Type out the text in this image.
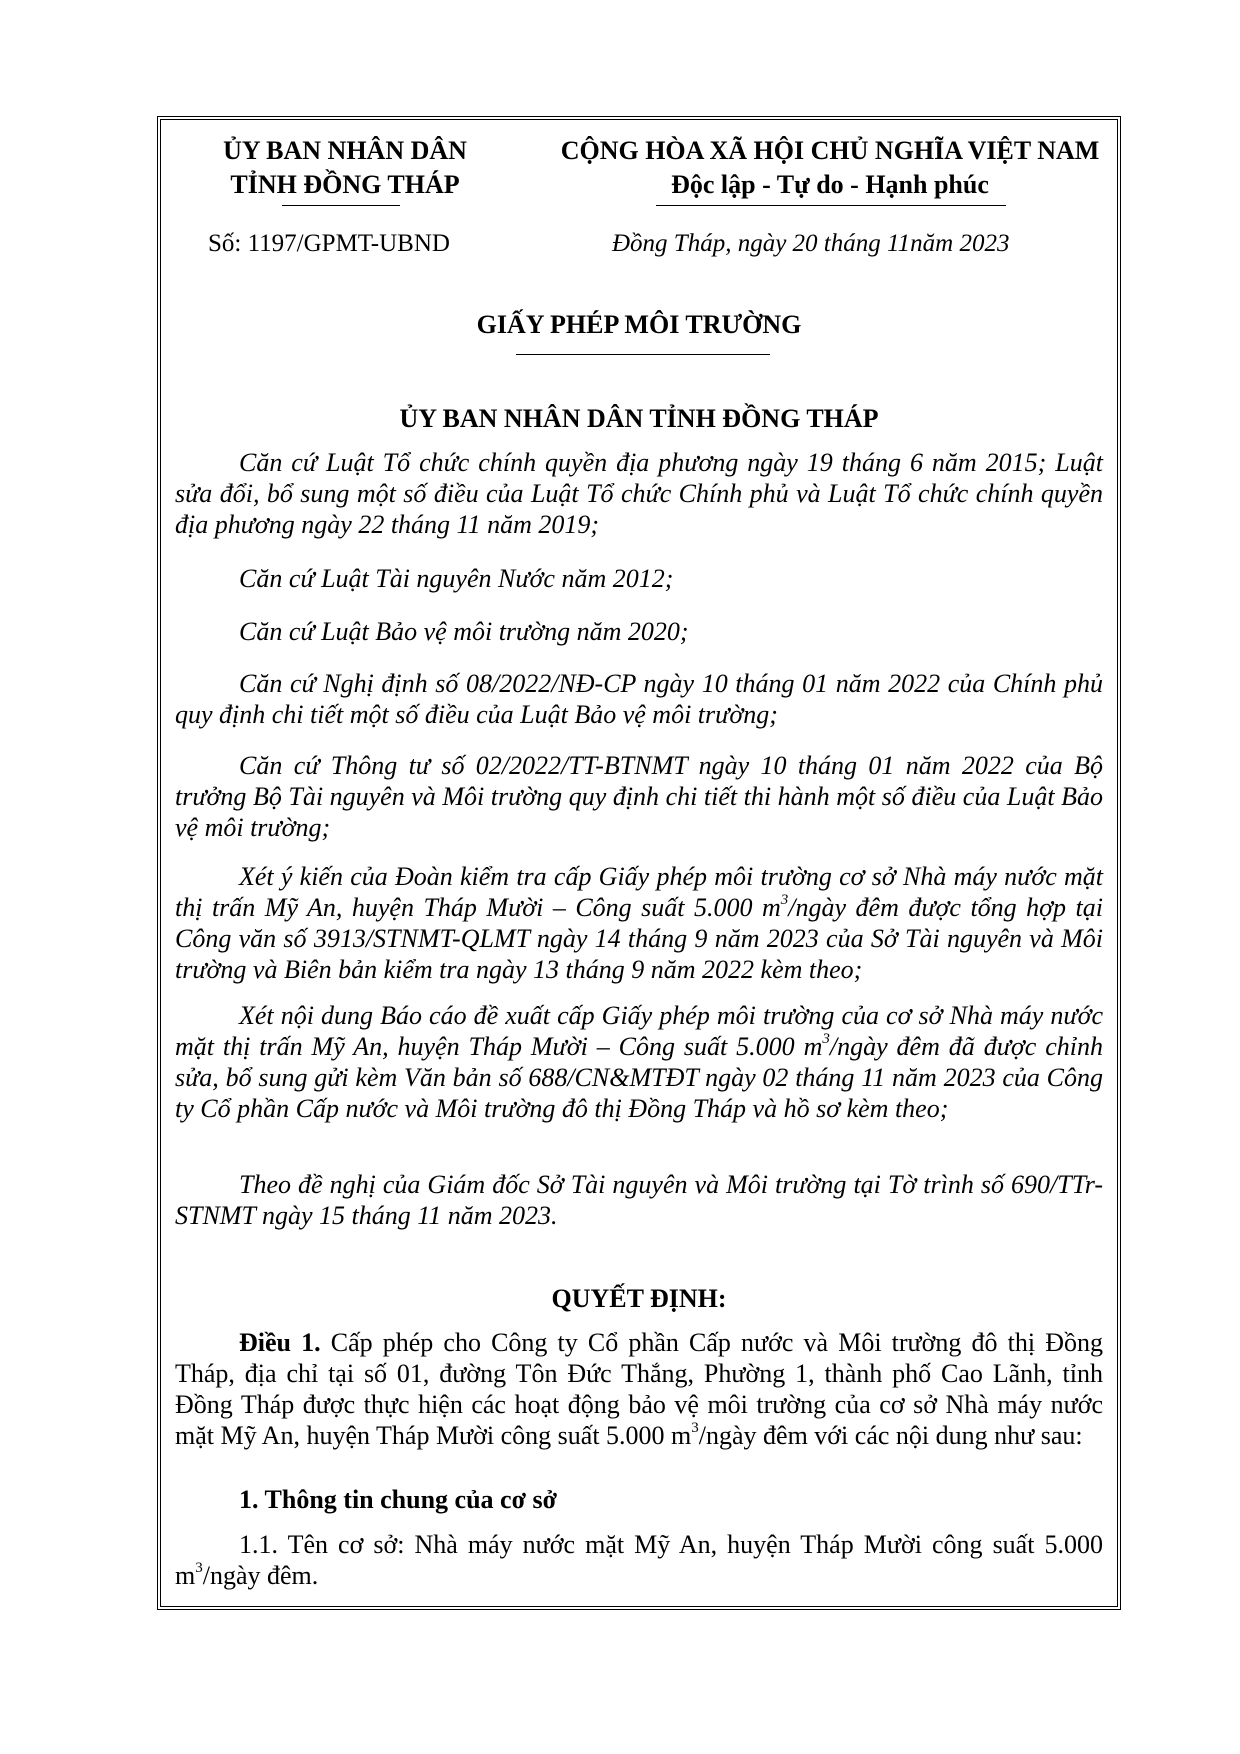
ỦY BAN NHÂN DÂN
TỈNH ĐỒNG THÁP
CỘNG HÒA XÃ HỘI CHỦ NGHĨA VIỆT NAM
Độc lập - Tự do - Hạnh phúc
Số: 1197/GPMT-UBND	Đồng Tháp, ngày 20 tháng 11năm 2023
GIẤY PHÉP MÔI TRƯỜNG
ỦY BAN NHÂN DÂN TỈNH ĐỒNG THÁP
Căn cứ Luật Tổ chức chính quyền địa phương ngày 19 tháng 6 năm 2015; Luật sửa đổi, bổ sung một số điều của Luật Tổ chức Chính phủ và Luật Tổ chức chính quyền địa phương ngày 22 tháng 11 năm 2019;
Căn cứ Luật Tài nguyên Nước năm 2012;
Căn cứ Luật Bảo vệ môi trường năm 2020;
Căn cứ Nghị định số 08/2022/NĐ-CP ngày 10 tháng 01 năm 2022 của Chính phủ quy định chi tiết một số điều của Luật Bảo vệ môi trường;
Căn cứ Thông tư số 02/2022/TT-BTNMT ngày 10 tháng 01 năm 2022 của Bộ trưởng Bộ Tài nguyên và Môi trường quy định chi tiết thi hành một số điều của Luật Bảo vệ môi trường;
Xét ý kiến của Đoàn kiểm tra cấp Giấy phép môi trường cơ sở Nhà máy nước mặt thị trấn Mỹ An, huyện Tháp Mười – Công suất 5.000 $m^3$/ngày đêm được tổng hợp tại Công văn số 3913/STNMT-QLMT ngày 14 tháng 9 năm 2023 của Sở Tài nguyên và Môi trường và Biên bản kiểm tra ngày 13 tháng 9 năm 2022 kèm theo;
Xét nội dung Báo cáo đề xuất cấp Giấy phép môi trường của cơ sở Nhà máy nước mặt thị trấn Mỹ An, huyện Tháp Mười – Công suất 5.000 $m^3$/ngày đêm đã được chỉnh sửa, bổ sung gửi kèm Văn bản số 688/CN&MTĐT ngày 02 tháng 11 năm 2023 của Công ty Cổ phần Cấp nước và Môi trường đô thị Đồng Tháp và hồ sơ kèm theo;
Theo đề nghị của Giám đốc Sở Tài nguyên và Môi trường tại Tờ trình số 690/TTr-STNMT ngày 15 tháng 11 năm 2023.
QUYẾT ĐỊNH:
Điều 1. Cấp phép cho Công ty Cổ phần Cấp nước và Môi trường đô thị Đồng Tháp, địa chỉ tại số 01, đường Tôn Đức Thắng, Phường 1, thành phố Cao Lãnh, tỉnh Đồng Tháp được thực hiện các hoạt động bảo vệ môi trường của cơ sở Nhà máy nước mặt Mỹ An, huyện Tháp Mười công suất 5.000 $m^3$/ngày đêm với các nội dung như sau:
1. Thông tin chung của cơ sở
1.1. Tên cơ sở: Nhà máy nước mặt Mỹ An, huyện Tháp Mười công suất 5.000 $m^3$/ngày đêm.
